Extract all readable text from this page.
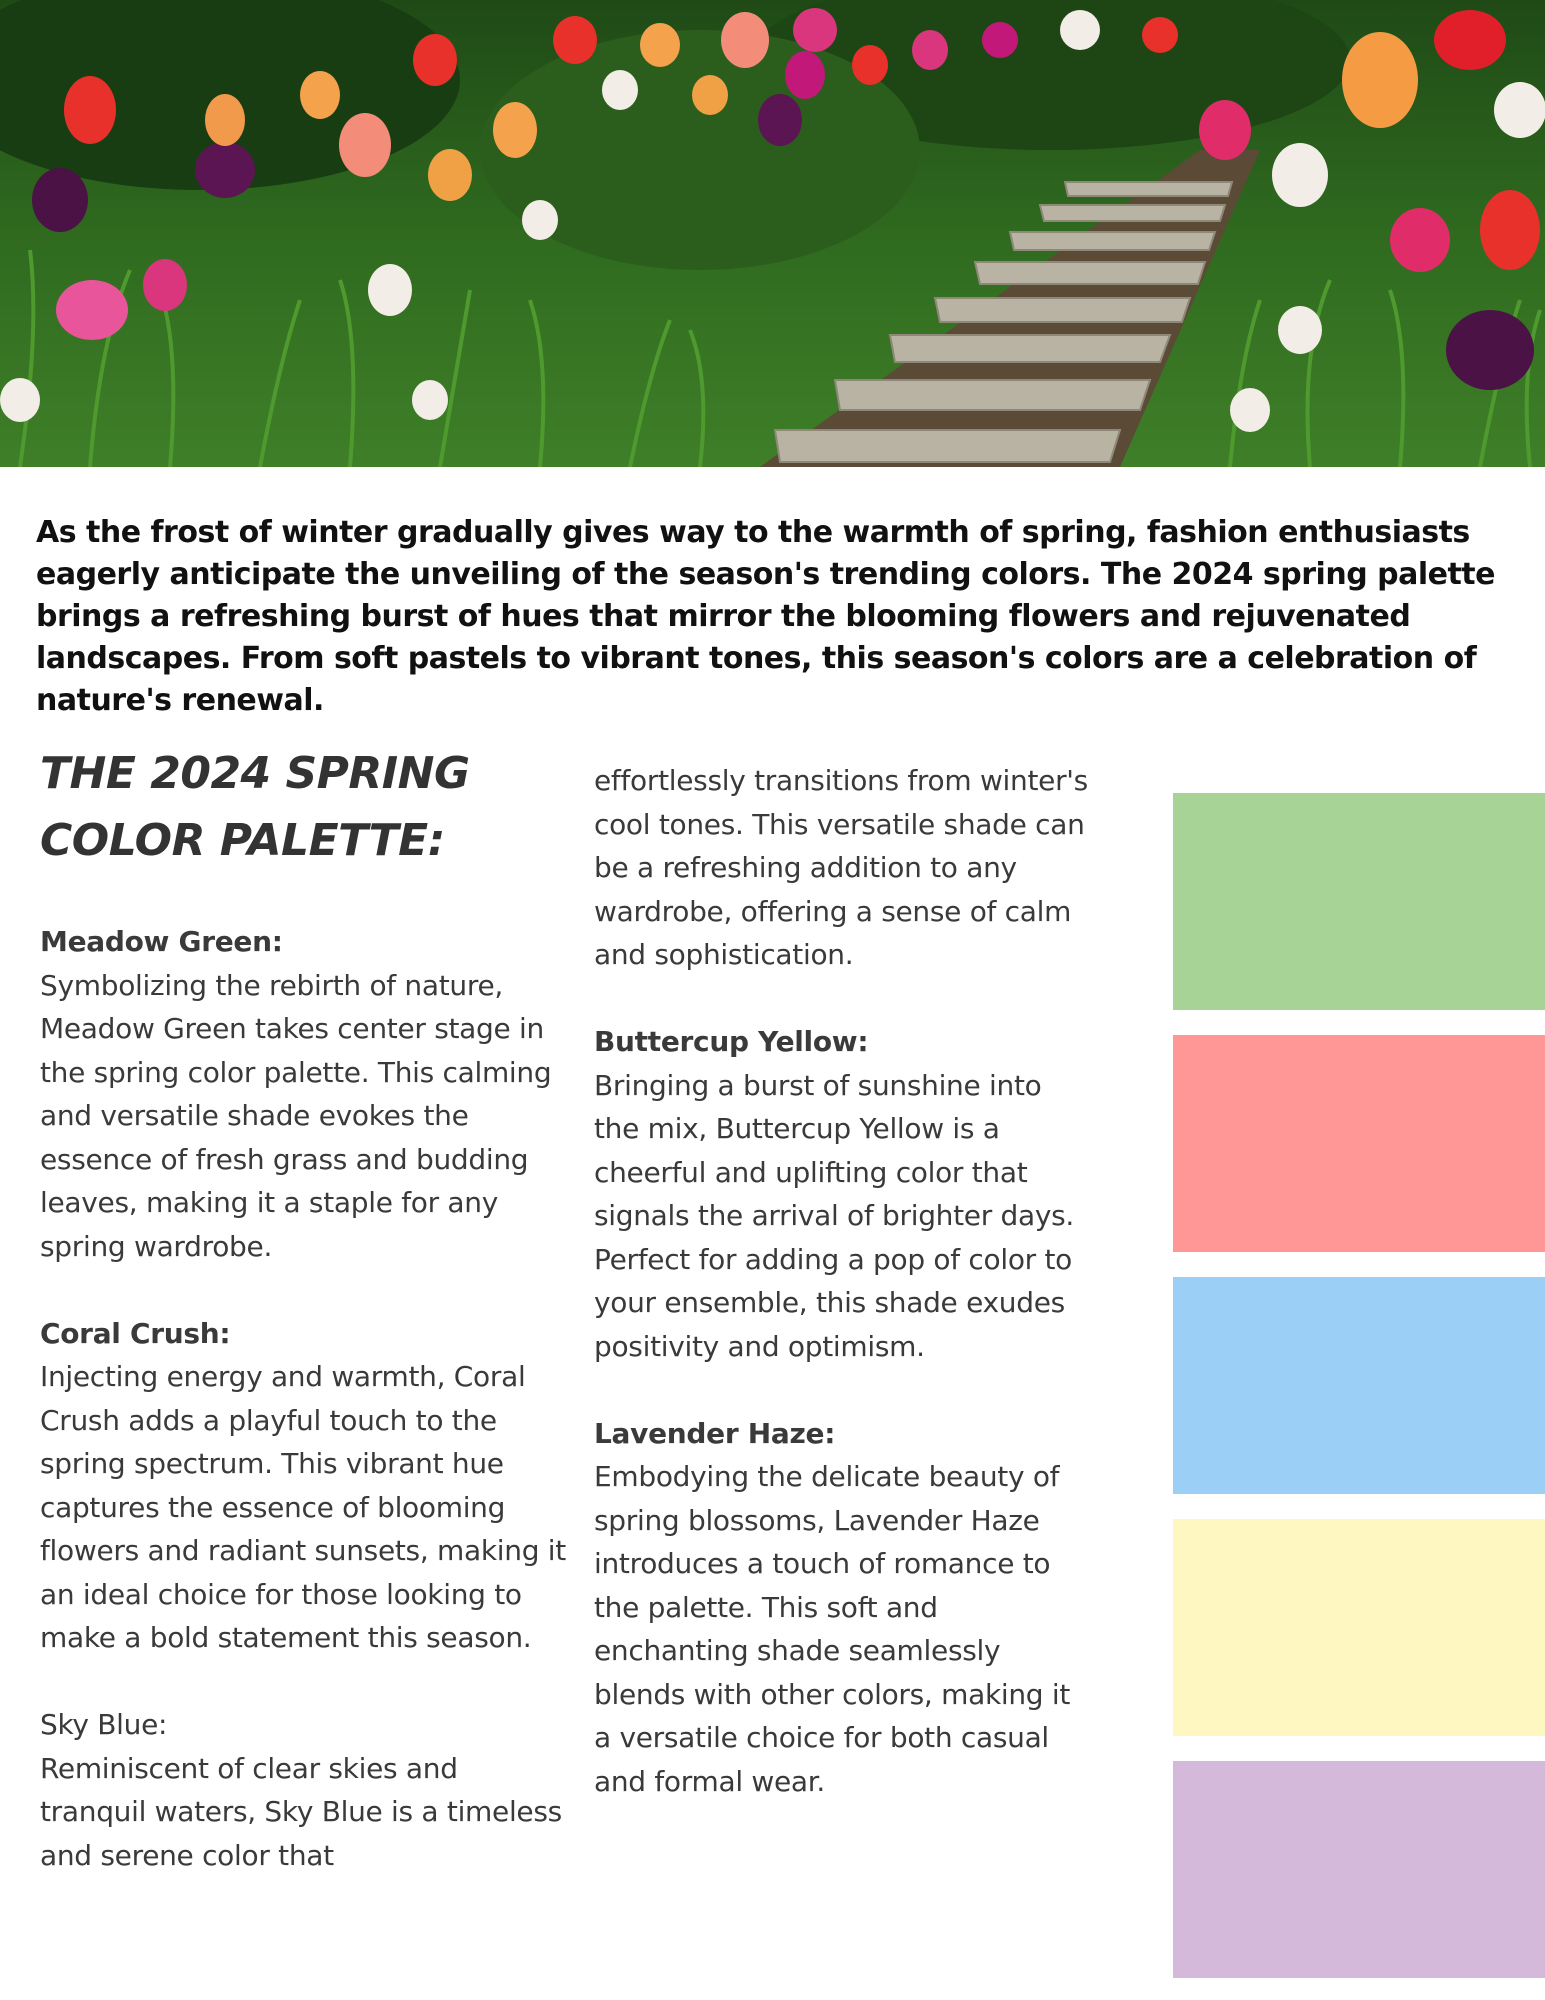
As the frost of winter gradually gives way to the warmth of spring, fashion enthusiasts eagerly anticipate the unveiling of the season's trending colors. The 2024 spring palette brings a refreshing burst of hues that mirror the blooming flowers and rejuvenated landscapes. From soft pastels to vibrant tones, this season's colors are a celebration of nature's renewal.

THE 2024 SPRING COLOR PALETTE:

Meadow Green:
Symbolizing the rebirth of nature, Meadow Green takes center stage in the spring color palette. This calming and versatile shade evokes the essence of fresh grass and budding leaves, making it a staple for any spring wardrobe.

Coral Crush:
Injecting energy and warmth, Coral Crush adds a playful touch to the spring spectrum. This vibrant hue captures the essence of blooming flowers and radiant sunsets, making it an ideal choice for those looking to make a bold statement this season.

Sky Blue:
Reminiscent of clear skies and tranquil waters, Sky Blue is a timeless and serene color that

effortlessly transitions from winter's cool tones. This versatile shade can be a refreshing addition to any wardrobe, offering a sense of calm and sophistication.

Buttercup Yellow:
Bringing a burst of sunshine into the mix, Buttercup Yellow is a cheerful and uplifting color that signals the arrival of brighter days. Perfect for adding a pop of color to your ensemble, this shade exudes positivity and optimism.

Lavender Haze:
Embodying the delicate beauty of spring blossoms, Lavender Haze introduces a touch of romance to the palette. This soft and enchanting shade seamlessly blends with other colors, making it a versatile choice for both casual and formal wear.
